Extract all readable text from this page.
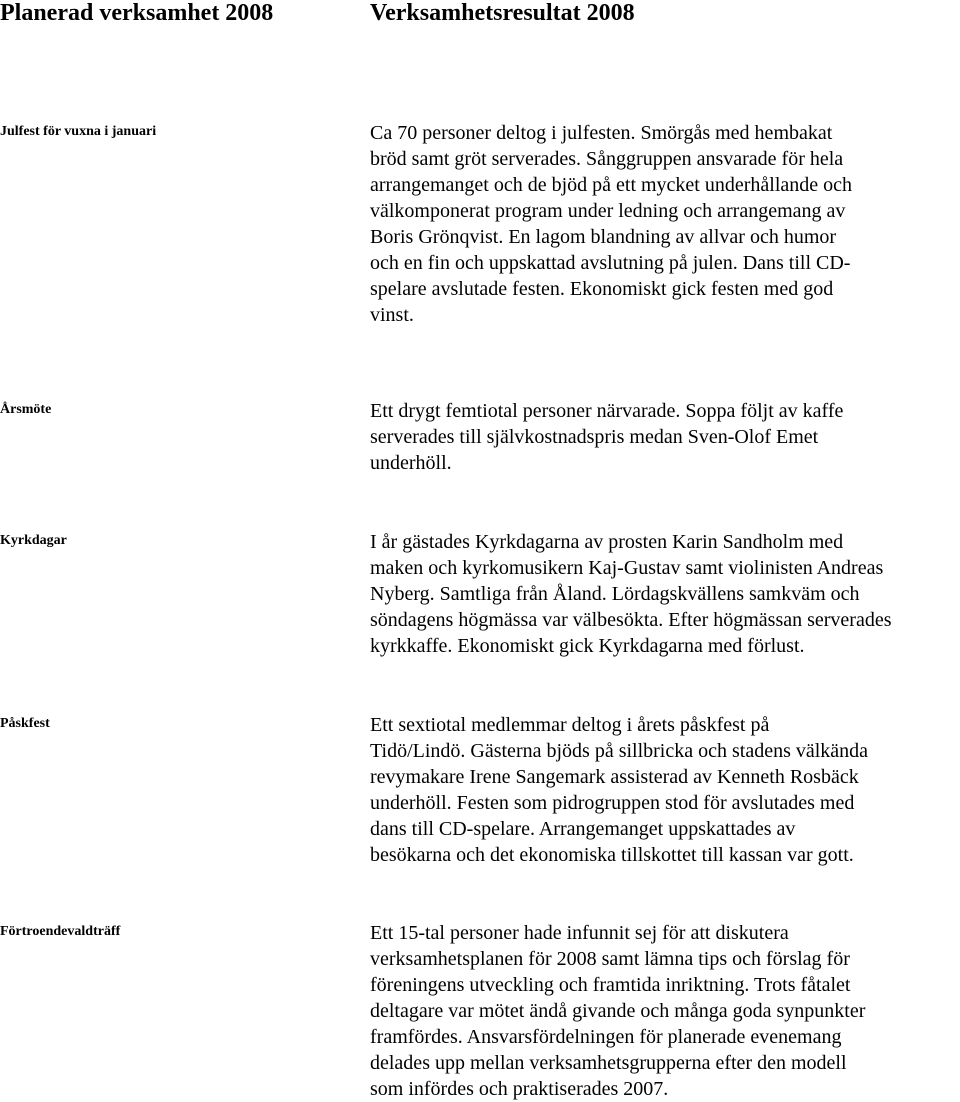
Planerad verksamhet 2008	Verksamhetsresultat 2008
Julfest för vuxna i januari	Ca 70 personer deltog i julfesten. Smörgås med hembakat

bröd samt gröt serverades. Sånggruppen ansvarade för hela

arrangemanget och de bjöd på ett mycket underhållande och

välkomponerat program under ledning och arrangemang av

Boris Grönqvist. En lagom blandning av allvar och humor

och en fin och uppskattad avslutning på julen. Dans till CD-

spelare avslutade festen. Ekonomiskt gick festen med god

vinst.

Årsmöte	Ett drygt femtiotal personer närvarade. Soppa följt av kaffe

serverades till självkostnadspris medan Sven-Olof Emet

underhöll.

Kyrkdagar	I år gästades Kyrkdagarna av prosten Karin Sandholm med

maken och kyrkomusikern Kaj-Gustav samt violinisten Andreas

Nyberg. Samtliga från Åland. Lördagskvällens samkväm och

söndagens högmässa var välbesökta. Efter högmässan serverades

kyrkkaffe. Ekonomiskt gick Kyrkdagarna med förlust.

Påskfest	Ett sextiotal medlemmar deltog i årets påskfest på

Tidö/Lindö. Gästerna bjöds på sillbricka och stadens välkända

revymakare Irene Sangemark assisterad av Kenneth Rosbäck

underhöll. Festen som pidrogruppen stod för avslutades med

dans till CD-spelare. Arrangemanget uppskattades av

besökarna och det ekonomiska tillskottet till kassan var gott.

Förtroendevaldträff	Ett 15-tal personer hade infunnit sej för att diskutera

verksamhetsplanen för 2008 samt lämna tips och förslag för

föreningens utveckling och framtida inriktning. Trots fåtalet

deltagare var mötet ändå givande och många goda synpunkter

framfördes. Ansvarsfördelningen för planerade evenemang

delades upp mellan verksamhetsgrupperna efter den modell

som infördes och praktiserades 2007.
